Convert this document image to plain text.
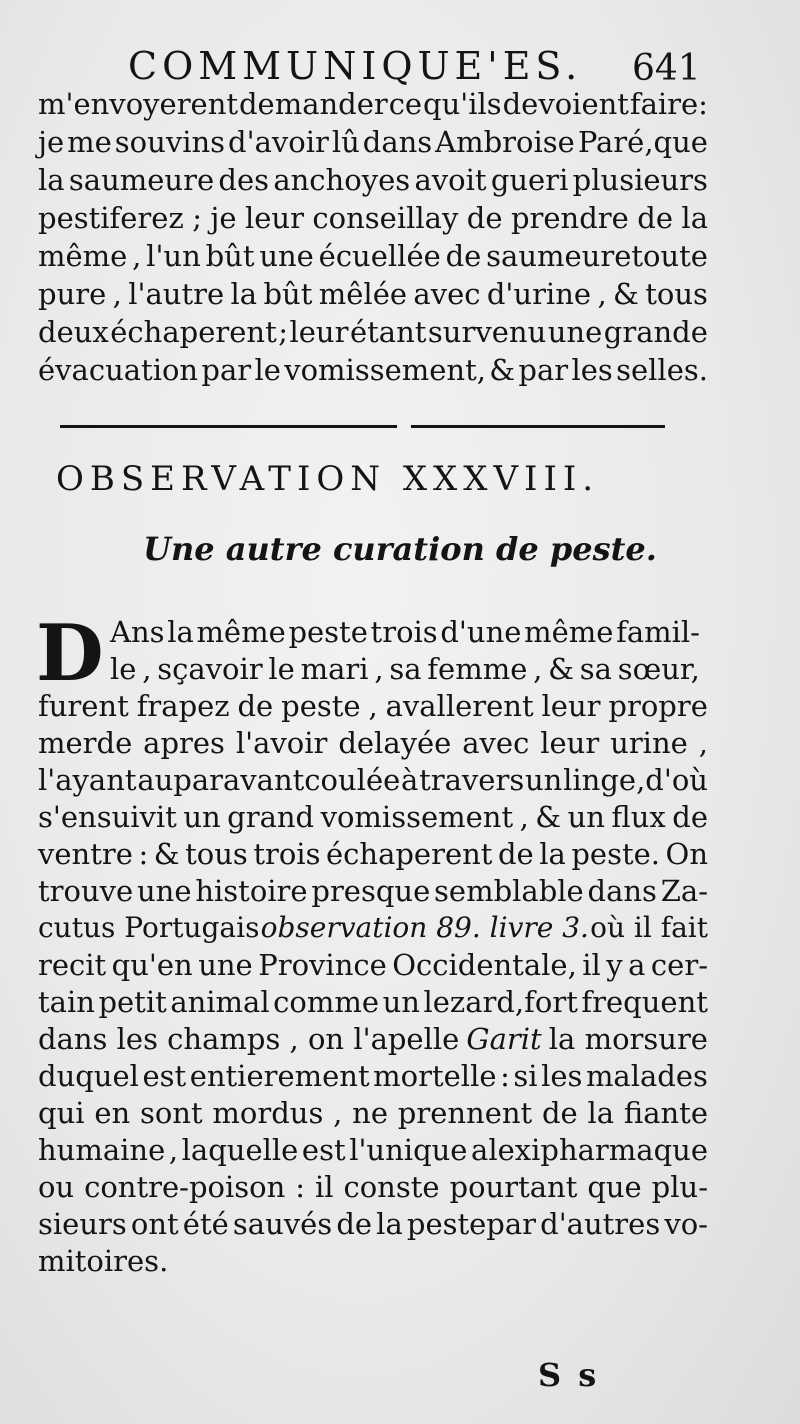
COMMUNIQUE'ES. 641
m'envoyerent demander ce qu'ils devoient faire:
je me souvins d'avoir lû dans Ambroise Paré,que
la saumeure des anchoyes avoit gueri plusieurs
pestiferez ; je leur conseillay de prendre de la
même , l'un bût une écuellée de saumeuretoute
pure , l'autre la bût mêlée avec d'urine , & tous
deux échaperent ; leur étant survenu une grande
évacuation par le vomissement, & par les selles.
OBSERVATION XXXVIII.
Une autre curation de peste.
D Ans la même peste trois d'une même famil-
le , sçavoir le mari , sa femme , & sa sœur,
furent frapez de peste , avallerent leur propre
merde apres l'avoir delayée avec leur urine ,
l'ayant auparavantcoulée à travers un linge,d'où
s'ensuivit un grand vomissement , & un flux de
ventre : & tous trois échaperent de la peste. On
trouve une histoire presque semblable dans Za-
cutus Portugais observation 89. livre 3. où il fait
recit qu'en une Province Occidentale, il y a cer-
tain petit animal comme un lezard,fort frequent
dans les champs , on l'apelle Garit la morsure
duquel est entierement mortelle : si les malades
qui en sont mordus , ne prennent de la fiante
humaine , laquelle est l'unique alexipharmaque
ou contre-poison : il conste pourtant que plu-
sieurs ont été sauvés de la pestepar d'autres vo-
mitoires.
S s
